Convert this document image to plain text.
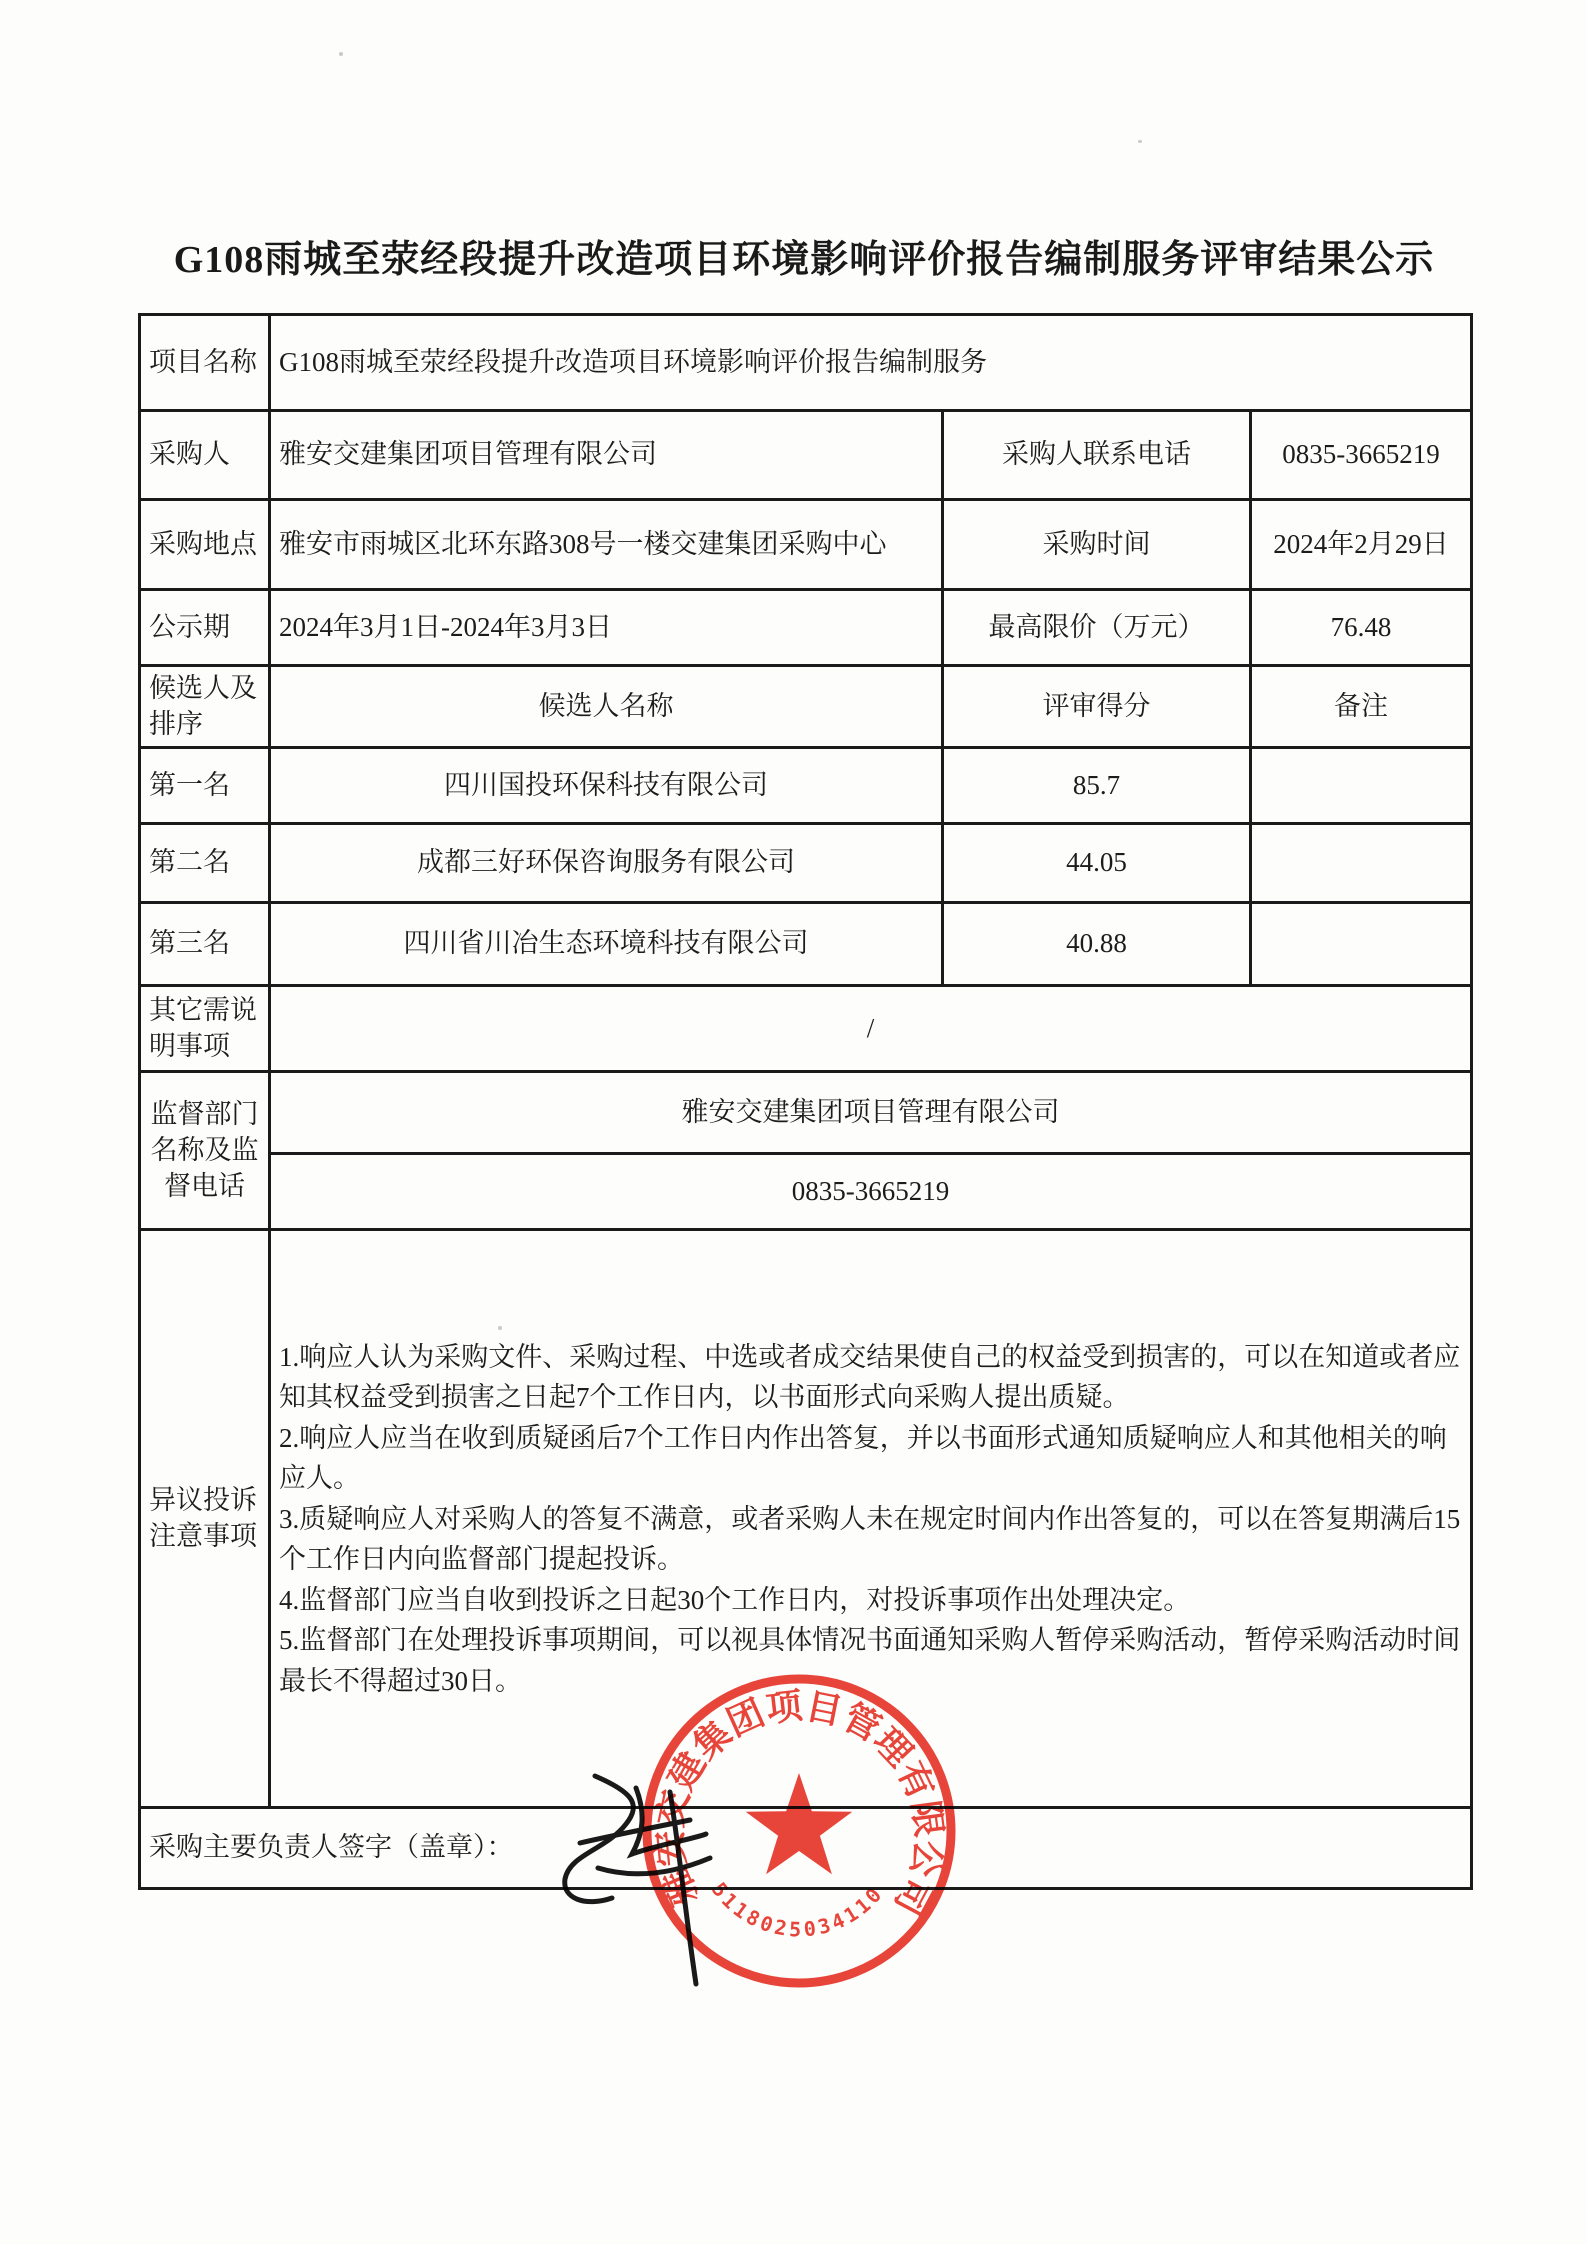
G108雨城至荥经段提升改造项目环境影响评价报告编制服务评审结果公示
项目名称	G108雨城至荥经段提升改造项目环境影响评价报告编制服务		
采购人	雅安交建集团项目管理有限公司	采购人联系电话	0835-3665219
采购地点	雅安市雨城区北环东路308号一楼交建集团采购中心	采购时间	2024年2月29日
公示期	2024年3月1日-2024年3月3日	最高限价（万元）	76.48
候选人及排序	候选人名称	评审得分	备注
第一名	四川国投环保科技有限公司	85.7	
第二名	成都三好环保咨询服务有限公司	44.05	
第三名	四川省川冶生态环境科技有限公司	40.88	
其它需说明事项	/		
监督部门名称及监督电话	雅安交建集团项目管理有限公司		
	0835-3665219		
异议投诉注意事项	1.响应人认为采购文件、采购过程、中选或者成交结果使自己的权益受到损害的，可以在知道或者应知其权益受到损害之日起7个工作日内，以书面形式向采购人提出质疑。
2.响应人应当在收到质疑函后7个工作日内作出答复，并以书面形式通知质疑响应人和其他相关的响应人。
3.质疑响应人对采购人的答复不满意，或者采购人未在规定时间内作出答复的，可以在答复期满后15个工作日内向监督部门提起投诉。
4.监督部门应当自收到投诉之日起30个工作日内，对投诉事项作出处理决定。
5.监督部门在处理投诉事项期间，可以视具体情况书面通知采购人暂停采购活动，暂停采购活动时间最长不得超过30日。		

采购主要负责人签字（盖章）：			
雅安交建集团项目管理有限公司
5118025034110
